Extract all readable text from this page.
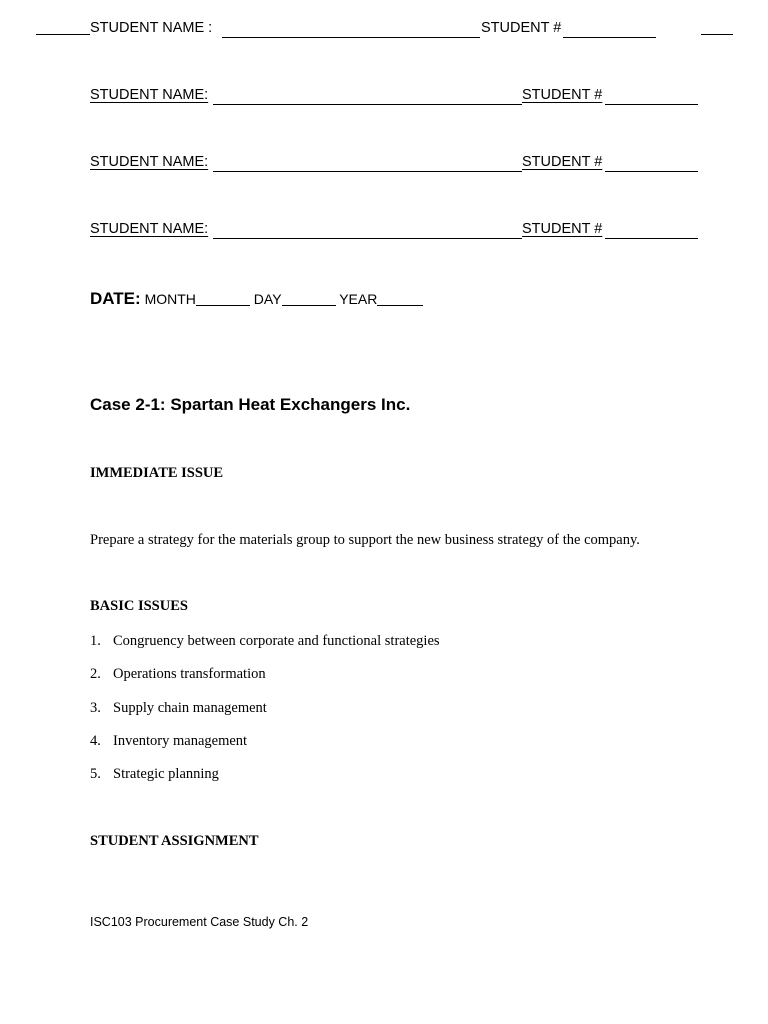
STUDENT NAME :	STUDENT #
STUDENT NAME:	STUDENT #
STUDENT NAME:	STUDENT #
STUDENT NAME:	STUDENT #
DATE: MONTH	DAY	YEAR
Case 2-1: Spartan Heat Exchangers Inc.
IMMEDIATE ISSUE
Prepare a strategy for the materials group to support the new business strategy of the company.
BASIC ISSUES
1. Congruency between corporate and functional strategies
2. Operations transformation
3. Supply chain management
4. Inventory management
5. Strategic planning
STUDENT ASSIGNMENT
ISC103 Procurement Case Study Ch. 2
